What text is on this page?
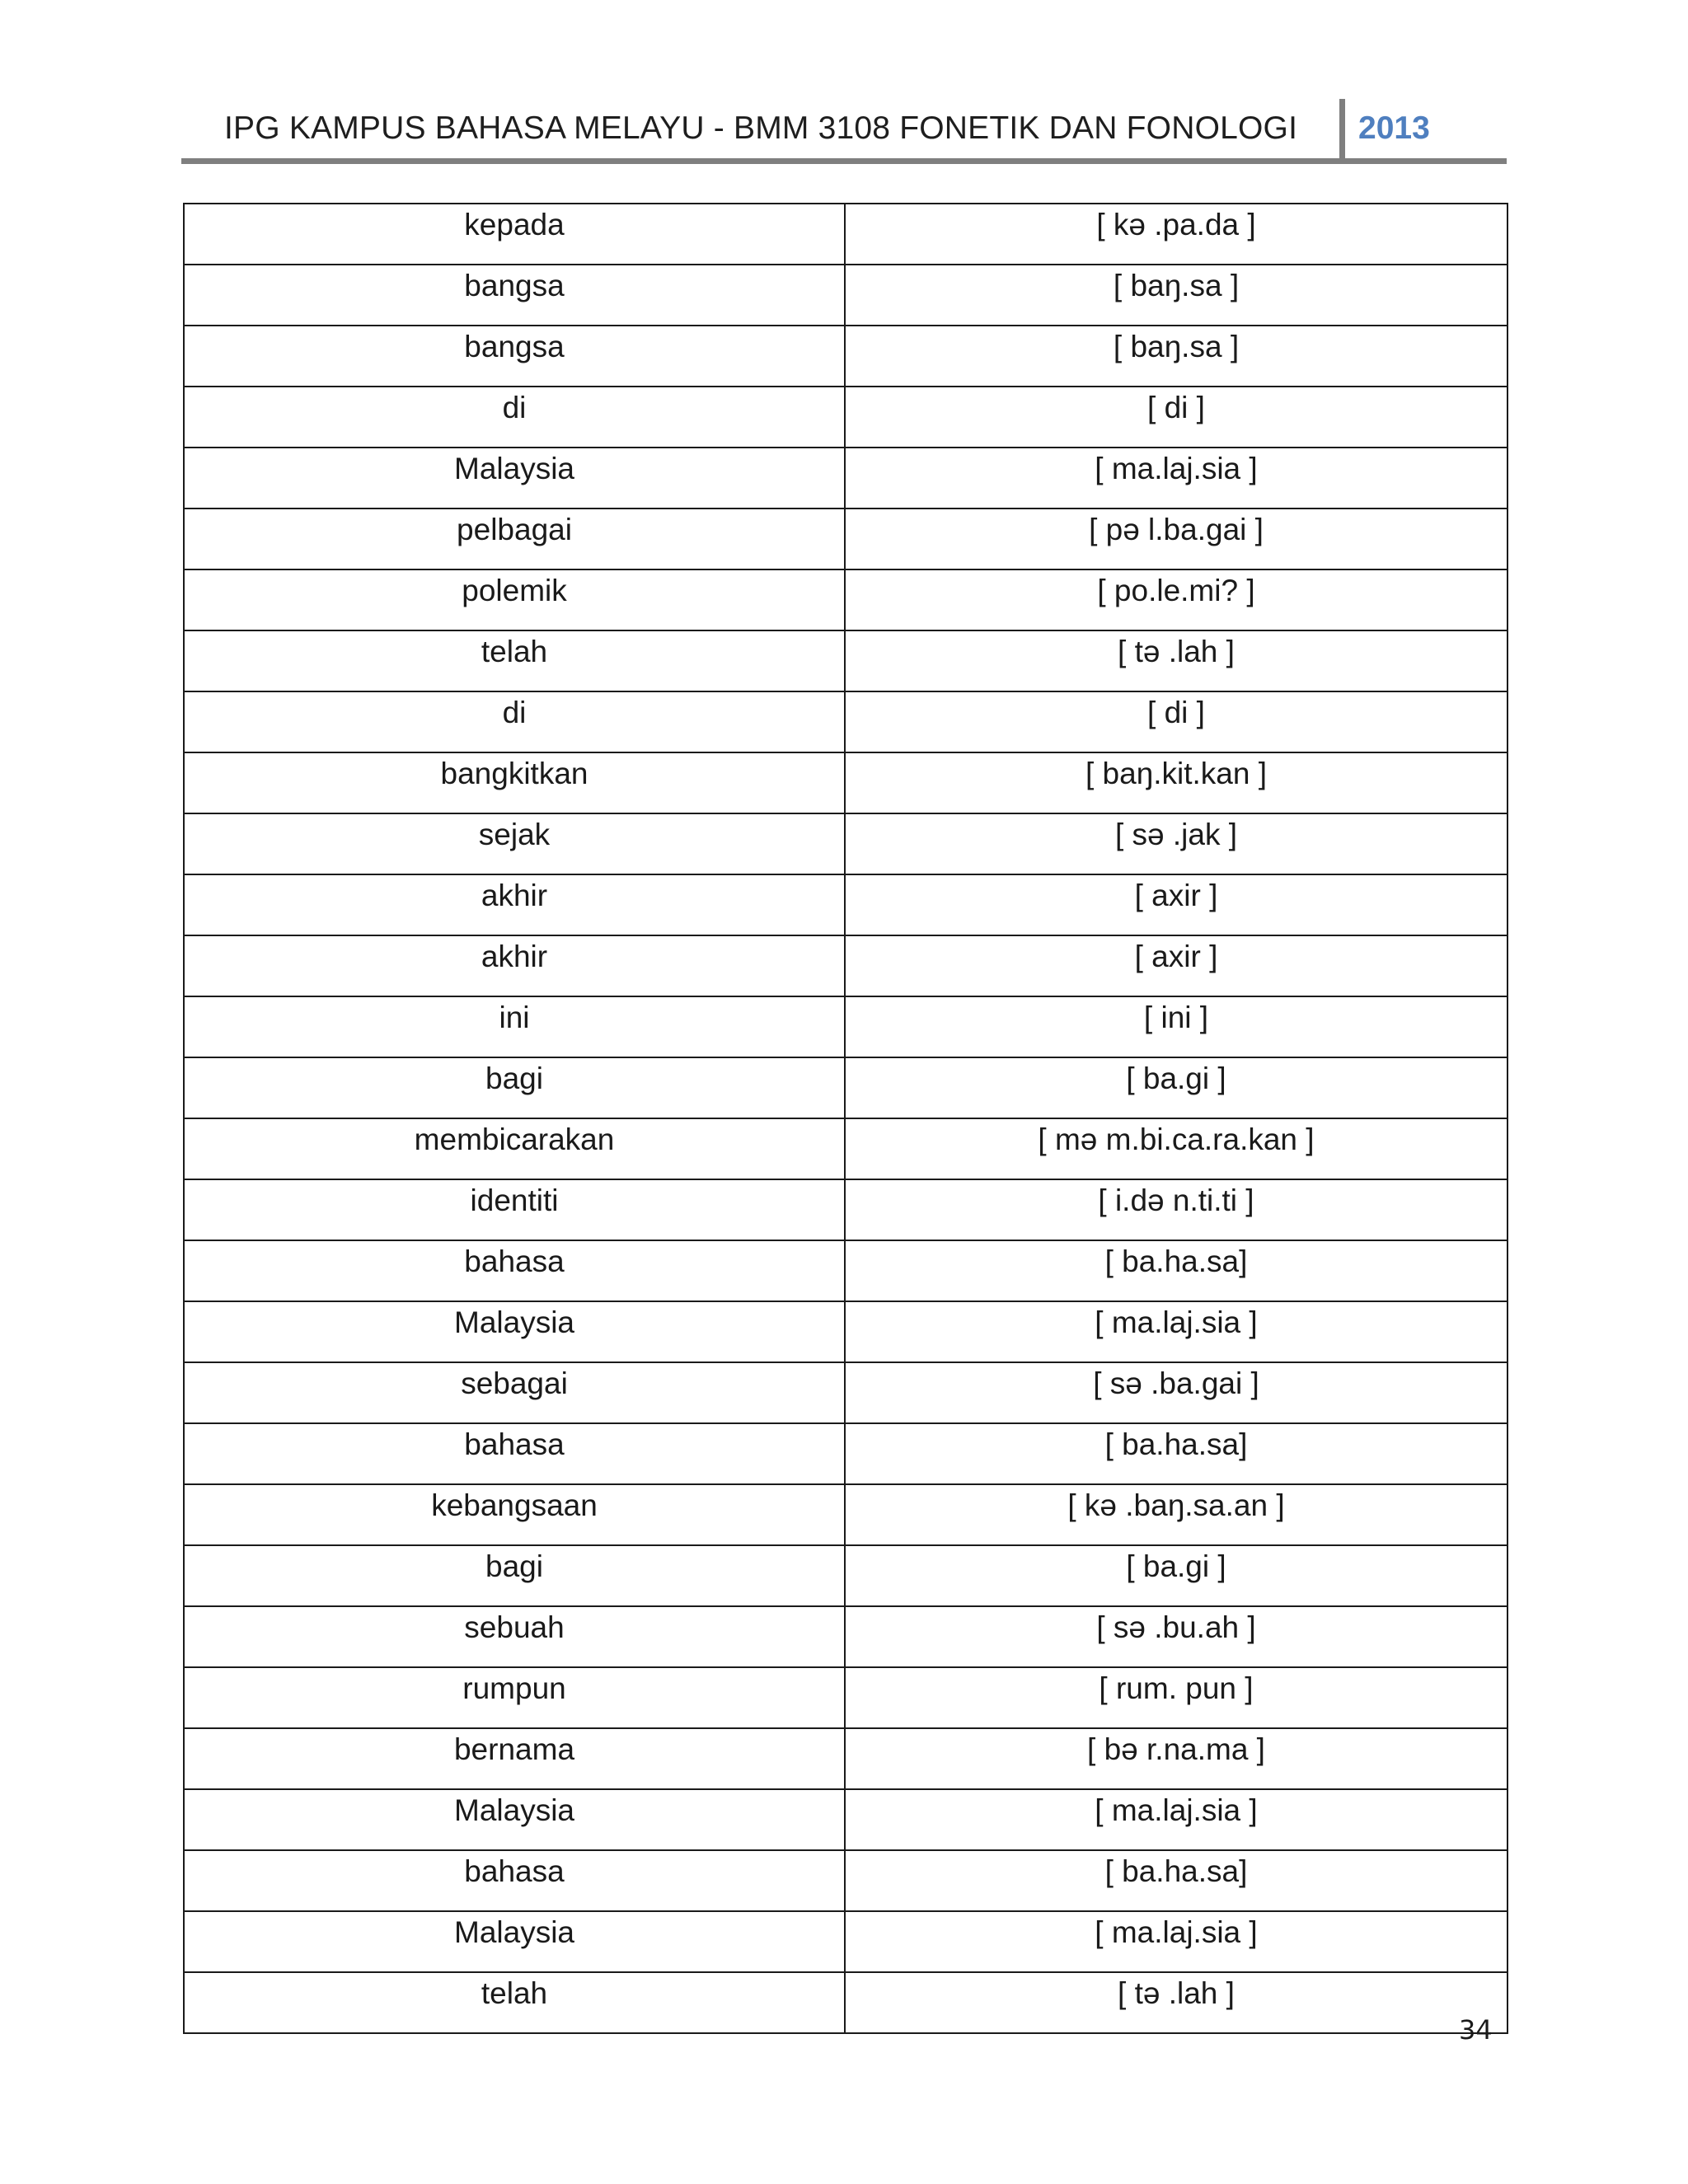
IPG KAMPUS BAHASA MELAYU - BMM 3108 FONETIK DAN FONOLOGI 2013
kepada	[ kə .pa.da ]
bangsa	[ baŋ.sa ]
bangsa	[ baŋ.sa ]
di	[ di ]
Malaysia	[ ma.laj.sia ]
pelbagai	[ pə l.ba.gai ]
polemik	[ po.le.mi? ]
telah	[ tə .lah ]
di	[ di ]
bangkitkan	[ baŋ.kit.kan ]
sejak	[ sə .jak ]
akhir	[ axir ]
akhir	[ axir ]
ini	[ ini ]
bagi	[ ba.gi ]
membicarakan	[ mə m.bi.ca.ra.kan ]
identiti	[ i.də n.ti.ti ]
bahasa	[ ba.ha.sa]
Malaysia	[ ma.laj.sia ]
sebagai	[ sə .ba.gai ]
bahasa	[ ba.ha.sa]
kebangsaan	[ kə .baŋ.sa.an ]
bagi	[ ba.gi ]
sebuah	[ sə .bu.ah ]
rumpun	[ rum. pun ]
bernama	[ bə r.na.ma ]
Malaysia	[ ma.laj.sia ]
bahasa	[ ba.ha.sa]
Malaysia	[ ma.laj.sia ]
telah	[ tə .lah ]
34
